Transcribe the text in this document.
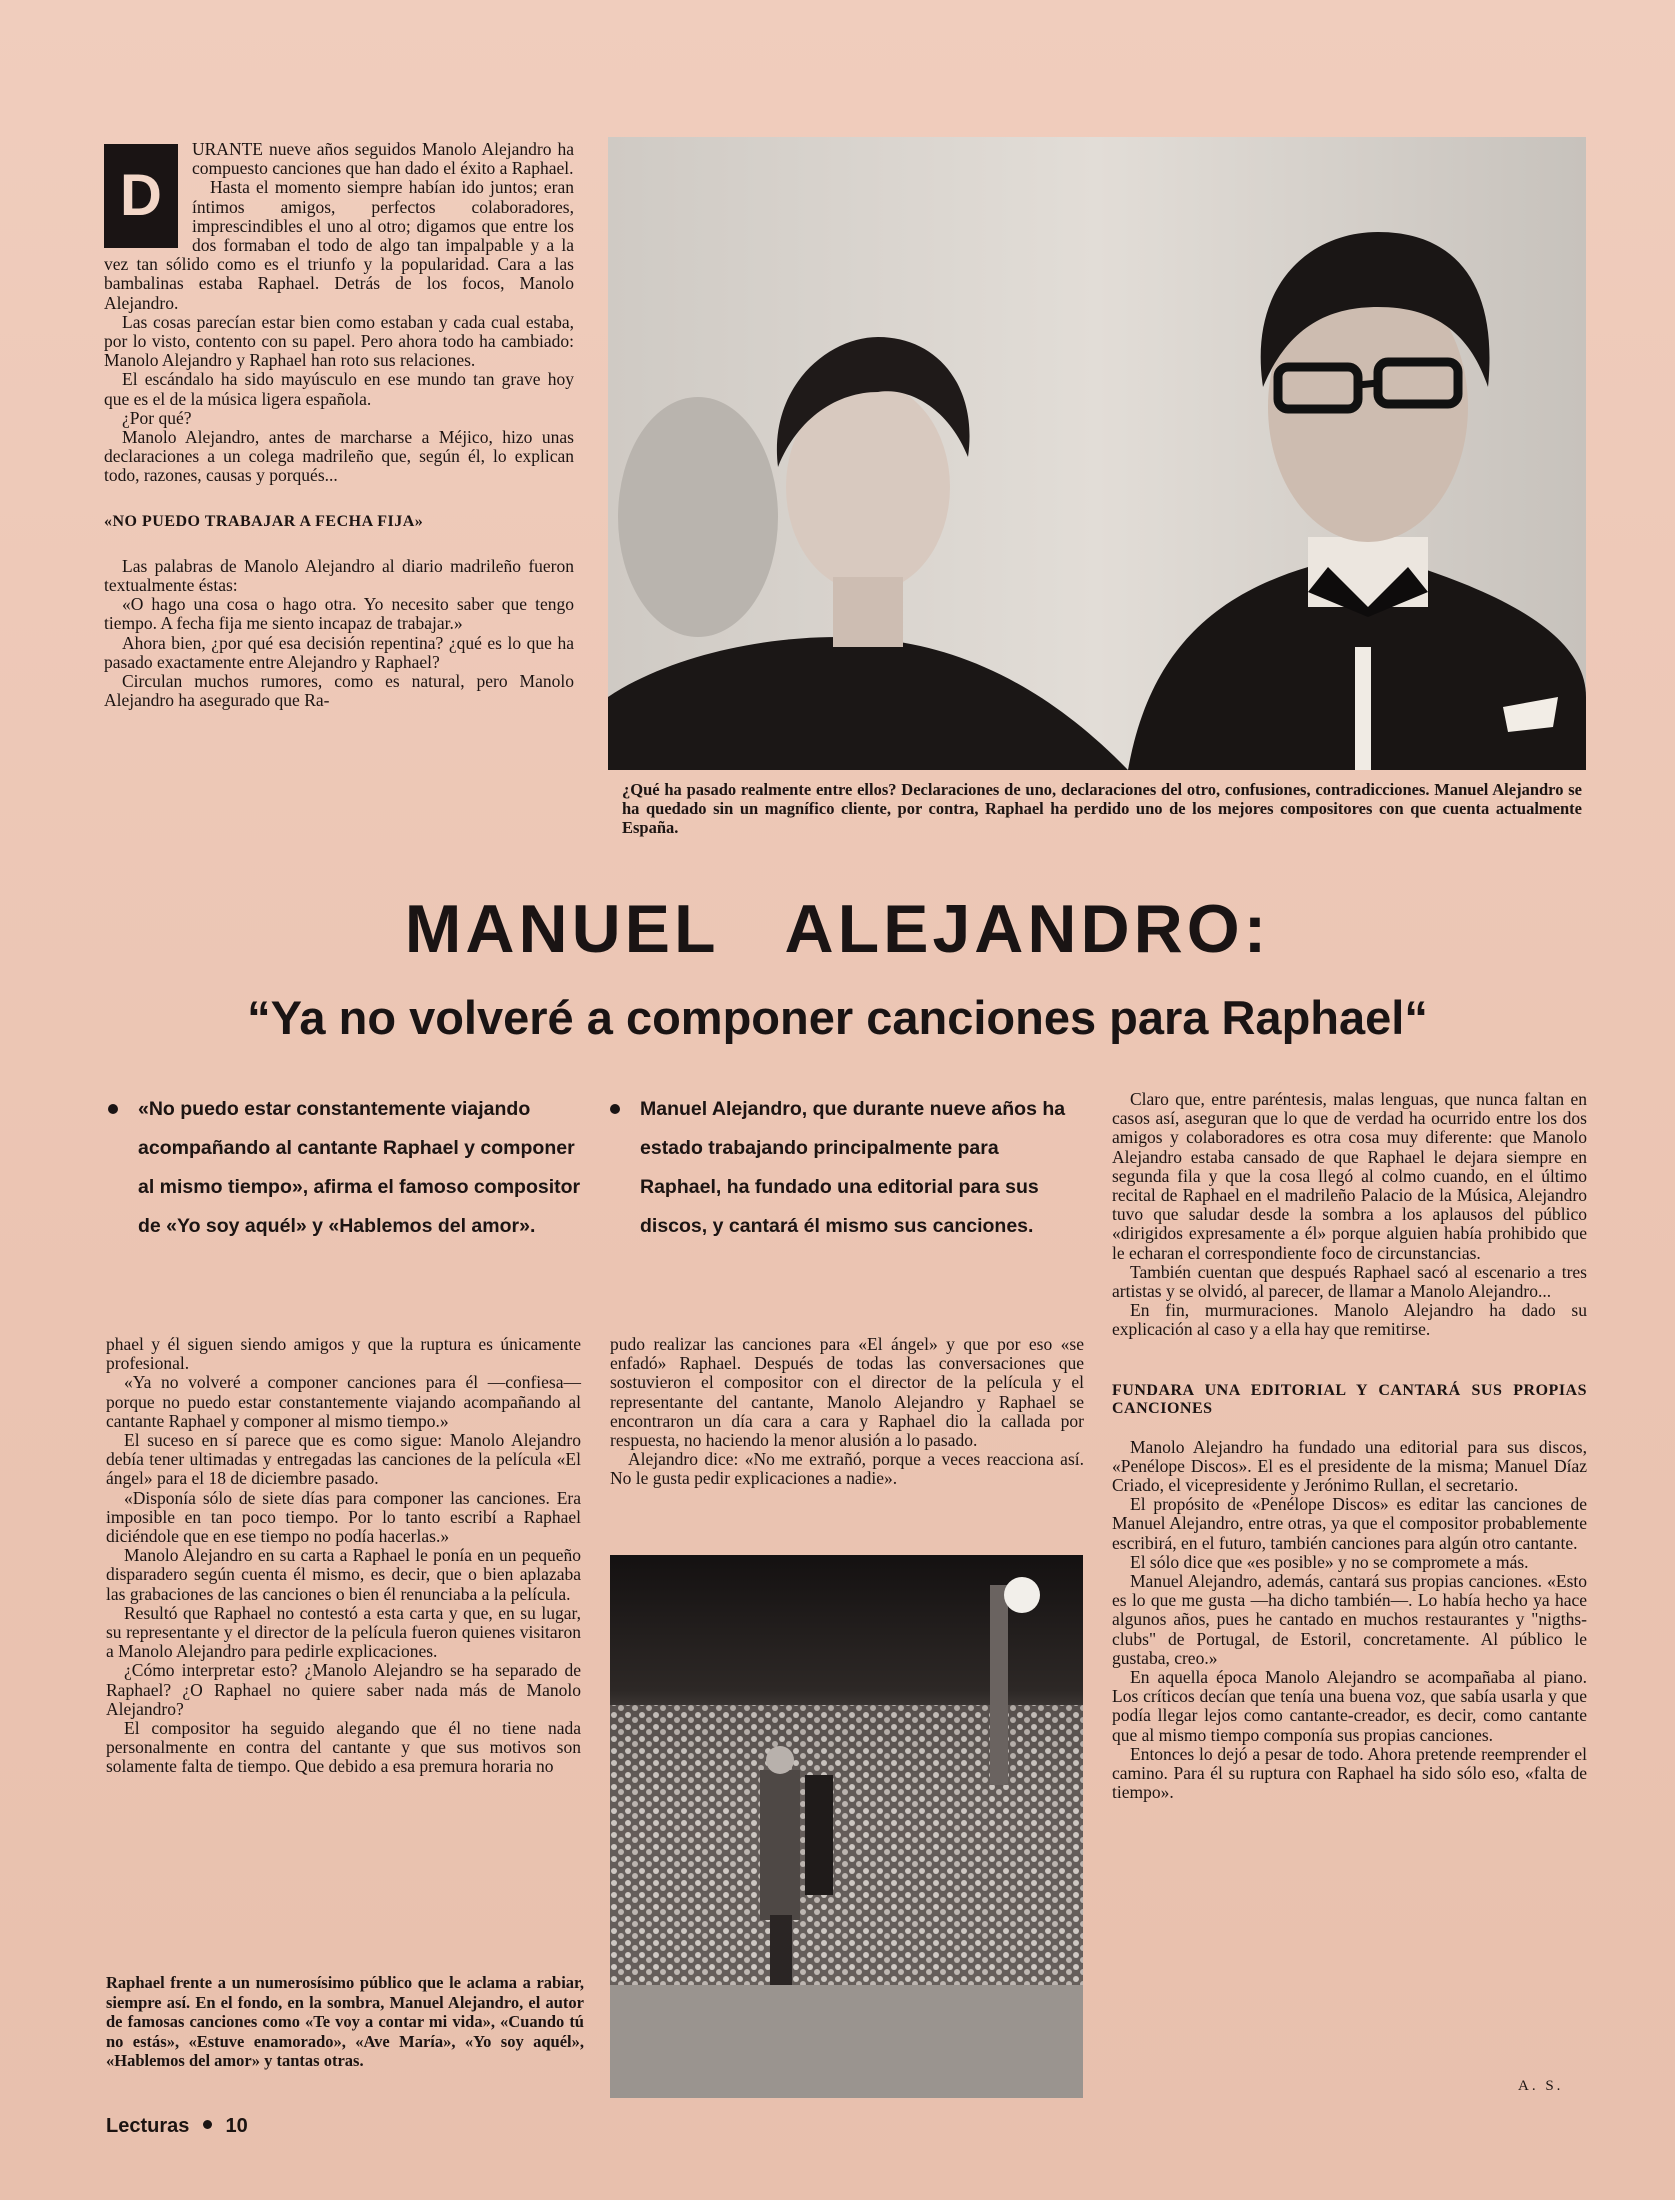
D

URANTE nueve años seguidos Manolo Alejandro ha compuesto canciones que han dado el éxito a Raphael.

Hasta el momento siempre habían ido juntos; eran íntimos amigos, perfectos colaboradores, imprescindibles el uno al otro; digamos que entre los dos formaban el todo de algo tan impalpable y a la vez tan sólido como es el triunfo y la popularidad. Cara a las bambalinas estaba Raphael. Detrás de los focos, Manolo Alejandro.

Las cosas parecían estar bien como estaban y cada cual estaba, por lo visto, contento con su papel. Pero ahora todo ha cambiado: Manolo Alejandro y Raphael han roto sus relaciones.

El escándalo ha sido mayúsculo en ese mundo tan grave hoy que es el de la música ligera española.

¿Por qué?

Manolo Alejandro, antes de marcharse a Méjico, hizo unas declaraciones a un colega madrileño que, según él, lo explican todo, razones, causas y porqués...

«NO PUEDO TRABAJAR A FECHA FIJA»

Las palabras de Manolo Alejandro al diario madrileño fueron textualmente éstas:

«O hago una cosa o hago otra. Yo necesito saber que tengo tiempo. A fecha fija me siento incapaz de trabajar.»

Ahora bien, ¿por qué esa decisión repentina? ¿qué es lo que ha pasado exactamente entre Alejandro y Raphael?

Circulan muchos rumores, como es natural, pero Manolo Alejandro ha asegurado que Ra-

¿Qué ha pasado realmente entre ellos? Declaraciones de uno, declaraciones del otro, confusiones, contradicciones. Manuel Alejandro se ha quedado sin un magnífico cliente, por contra, Raphael ha perdido uno de los mejores compositores con que cuenta actualmente España.
MANUEL   ALEJANDRO:
“Ya no volveré a componer canciones para Raphael“
«No puedo estar constantemente viajando acompañando al cantante Raphael y componer al mismo tiempo», afirma el famoso compositor de «Yo soy aquél» y «Hablemos del amor».
Manuel Alejandro, que durante nueve años ha estado trabajando principalmente para Raphael, ha fundado una editorial para sus discos, y cantará él mismo sus canciones.

phael y él siguen siendo amigos y que la ruptura es únicamente profesional.

«Ya no volveré a componer canciones para él —confiesa— porque no puedo estar constantemente viajando acompañando al cantante Raphael y componer al mismo tiempo.»

El suceso en sí parece que es como sigue: Manolo Alejandro debía tener ultimadas y entregadas las canciones de la película «El ángel» para el 18 de diciembre pasado.

«Disponía sólo de siete días para componer las canciones. Era imposible en tan poco tiempo. Por lo tanto escribí a Raphael diciéndole que en ese tiempo no podía hacerlas.»

Manolo Alejandro en su carta a Raphael le ponía en un pequeño disparadero según cuenta él mismo, es decir, que o bien aplazaba las grabaciones de las canciones o bien él renunciaba a la película.

Resultó que Raphael no contestó a esta carta y que, en su lugar, su representante y el director de la película fueron quienes visitaron a Manolo Alejandro para pedirle explicaciones.

¿Cómo interpretar esto? ¿Manolo Alejandro se ha separado de Raphael? ¿O Raphael no quiere saber nada más de Manolo Alejandro?

El compositor ha seguido alegando que él no tiene nada personalmente en contra del cantante y que sus motivos son solamente falta de tiempo. Que debido a esa premura horaria no

pudo realizar las canciones para «El ángel» y que por eso «se enfadó» Raphael. Después de todas las conversaciones que sostuvieron el compositor con el director de la película y el representante del cantante, Manolo Alejandro y Raphael se encontraron un día cara a cara y Raphael dio la callada por respuesta, no haciendo la menor alusión a lo pasado.

Alejandro dice: «No me extrañó, porque a veces reacciona así. No le gusta pedir explicaciones a nadie».

Raphael frente a un numerosísimo público que le aclama a rabiar, siempre así. En el fondo, en la sombra, Manuel Alejandro, el autor de famosas canciones como «Te voy a contar mi vida», «Cuando tú no estás», «Estuve enamorado», «Ave María», «Yo soy aquél», «Hablemos del amor» y tantas otras.

Claro que, entre paréntesis, malas lenguas, que nunca faltan en casos así, aseguran que lo que de verdad ha ocurrido entre los dos amigos y colaboradores es otra cosa muy diferente: que Manolo Alejandro estaba cansado de que Raphael le dejara siempre en segunda fila y que la cosa llegó al colmo cuando, en el último recital de Raphael en el madrileño Palacio de la Música, Alejandro tuvo que saludar desde la sombra a los aplausos del público «dirigidos expresamente a él» porque alguien había prohibido que le echaran el correspondiente foco de circunstancias.

También cuentan que después Raphael sacó al escenario a tres artistas y se olvidó, al parecer, de llamar a Manolo Alejandro...

En fin, murmuraciones. Manolo Alejandro ha dado su explicación al caso y a ella hay que remitirse.

FUNDARA UNA EDITORIAL Y CANTARÁ SUS PROPIAS CANCIONES

Manolo Alejandro ha fundado una editorial para sus discos, «Penélope Discos». El es el presidente de la misma; Manuel Díaz Criado, el vicepresidente y Jerónimo Rullan, el secretario.

El propósito de «Penélope Discos» es editar las canciones de Manuel Alejandro, entre otras, ya que el compositor probablemente escribirá, en el futuro, también canciones para algún otro cantante.

El sólo dice que «es posible» y no se compromete a más.

Manuel Alejandro, además, cantará sus propias canciones. «Esto es lo que me gusta —ha dicho también—. Lo había hecho ya hace algunos años, pues he cantado en muchos restaurantes y "nigths-clubs" de Portugal, de Estoril, concretamente. Al público le gustaba, creo.»

En aquella época Manolo Alejandro se acompañaba al piano. Los críticos decían que tenía una buena voz, que sabía usarla y que podía llegar lejos como cantante-creador, es decir, como cantante que al mismo tiempo componía sus propias canciones.

Entonces lo dejó a pesar de todo. Ahora pretende reemprender el camino. Para él su ruptura con Raphael ha sido sólo eso, «falta de tiempo».

A. S.
Lecturas 10
